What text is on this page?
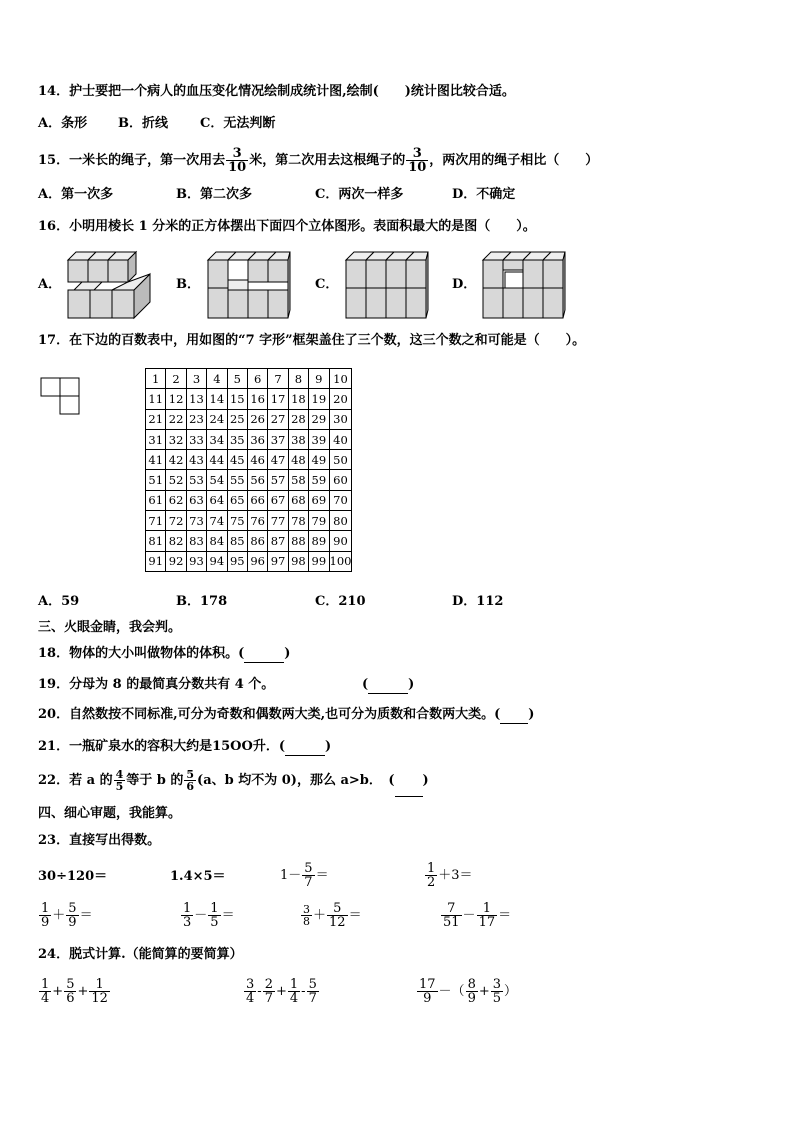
14．护士要把一个病人的血压变化情况绘制成统计图,绘制(　　)统计图比较合适。
A．条形 B．折线 C．无法判断
15．一米长的绳子，第一次用去 $\frac{3}{10}$ 米，第二次用去这根绳子的 $\frac{3}{10}$ ，两次用的绳子相比（　　）
A．第一次多	B．第二次多	C．两次一样多	D．不确定
16．小明用棱长 1 分米的正方体摆出下面四个立体图形。表面积最大的是图（　　）。
A．	B．	C．	D．
17．在下边的百数表中，用如图的“7 字形”框架盖住了三个数，这三个数之和可能是（　　）。
1	2	3	4	5	6	7	8	9	10
11	12	13	14	15	16	17	18	19	20
21	22	23	24	25	26	27	28	29	30
31	32	33	34	35	36	37	38	39	40
41	42	43	44	45	46	47	48	49	50
51	52	53	54	55	56	57	58	59	60
61	62	63	64	65	66	67	68	69	70
71	72	73	74	75	76	77	78	79	80
81	82	83	84	85	86	87	88	89	90
91	92	93	94	95	96	97	98	99	100
A．59	B．178	C．210	D．112
三、火眼金睛，我会判。
18．物体的大小叫做物体的体积。(	)
19．分母为 8 的最简真分数共有 4 个。	(	)
20．自然数按不同标准,可分为奇数和偶数两大类,也可分为质数和合数两大类。( )
21．一瓶矿泉水的容积大约是15OO升．(	)
22．若 a 的 $\frac{4}{5}$ 等于 b 的 $\frac{5}{6} (a$、b 均不为 0)，那么 a>b．　( )
四、细心审题，我能算。
23．直接写出得数。
30÷120＝	1.4×5＝	$1- \frac{5}{7}$ ＝	$\frac{1}{2} +3=$
$\frac{1}{9} + \frac{5}{9}$ ＝	$\frac{1}{3} - \frac{1}{5}$ ＝	$\frac{3}{8} + \frac{5}{12}$ ＝	$\frac{7}{51} - \frac{1}{17}$ ＝
24．脱式计算.（能简算的要简算）
$\frac{1}{4} + \frac{5}{6} + \frac{1}{12}$	$\frac{3}{4} - \frac{2}{7} + \frac{1}{4} - \frac{5}{7}$	$\frac{17}{9}$ －（ $\frac{8}{9} + \frac{3}{5}$ ）
